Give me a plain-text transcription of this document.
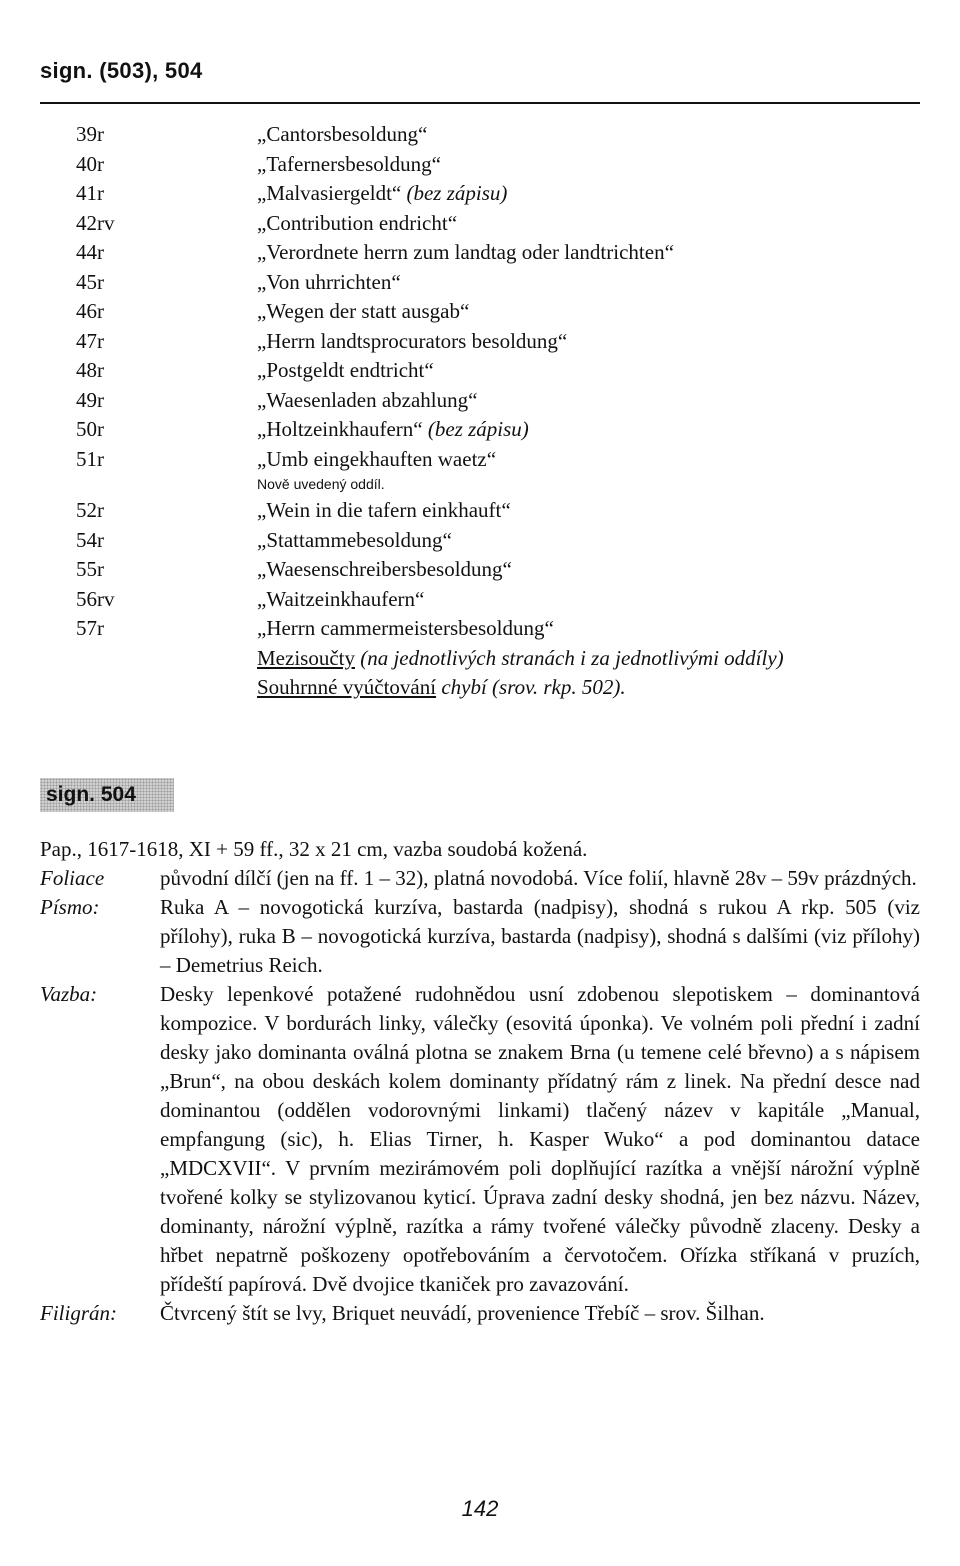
sign. (503), 504
39r	„Cantorsbesoldung“
40r	„Tafernersbesoldung“
41r	„Malvasiergeldt“ (bez zápisu)
42rv	„Contribution endricht“
44r	„Verordnete herrn zum landtag oder landtrichten“
45r	„Von uhrrichten“
46r	„Wegen der statt ausgab“
47r	„Herrn landtsprocurators besoldung“
48r	„Postgeldt endtricht“
49r	„Waesenladen abzahlung“
50r	„Holtzeinkhaufern“ (bez zápisu)
51r	„Umb eingekhauften waetz“
Nově uvedený oddíl.
52r	„Wein in die tafern einkhauft“
54r	„Stattammebesoldung“
55r	„Waesenschreibersbesoldung“
56rv	„Waitzeinkhaufern“
57r	„Herrn cammermeistersbesoldung“
Mezisoučty (na jednotlivých stranách i za jednotlivými oddíly)
Souhrnné vyúčtování chybí (srov. rkp. 502).
sign. 504
Pap., 1617-1618, XI + 59 ff., 32 x 21 cm, vazba soudobá kožená.
Foliace	původní dílčí (jen na ff. 1 – 32), platná novodobá. Více folií, hlavně 28v – 59v prázdných.
Písmo:	Ruka A – novogotická kurzíva, bastarda (nadpisy), shodná s rukou A rkp. 505 (viz přílohy), ruka B – novogotická kurzíva, bastarda (nadpisy), shodná s dalšími (viz přílohy) – Demetrius Reich.
Vazba:	Desky lepenkové potažené rudohnědou usní zdobenou slepotiskem – dominantová kompozice. V bordurách linky, válečky (esovitá úponka). Ve volném poli přední i zadní desky jako dominanta oválná plotna se znakem Brna (u temene celé břevno) a s nápisem „Brun“, na obou deskách kolem dominanty přídatný rám z linek. Na přední desce nad dominantou (oddělen vodorovnými linkami) tlačený název v kapitále „Manual, empfangung (sic), h. Elias Tirner, h. Kasper Wuko“ a pod dominantou datace „MDCXVII“. V prvním mezirámovém poli doplňující razítka a vnější nárožní výplně tvořené kolky se stylizovanou kyticí. Úprava zadní desky shodná, jen bez názvu. Název, dominanty, nárožní výplně, razítka a rámy tvořené válečky původně zlaceny. Desky a hřbet nepatrně poškozeny opotřebováním a červotočem. Ořízka stříkaná v pruzích, přídeští papírová. Dvě dvojice tkaniček pro zavazování.
Filigrán:	Čtvrcený štít se lvy, Briquet neuvádí, provenience Třebíč – srov. Šilhan.
142
